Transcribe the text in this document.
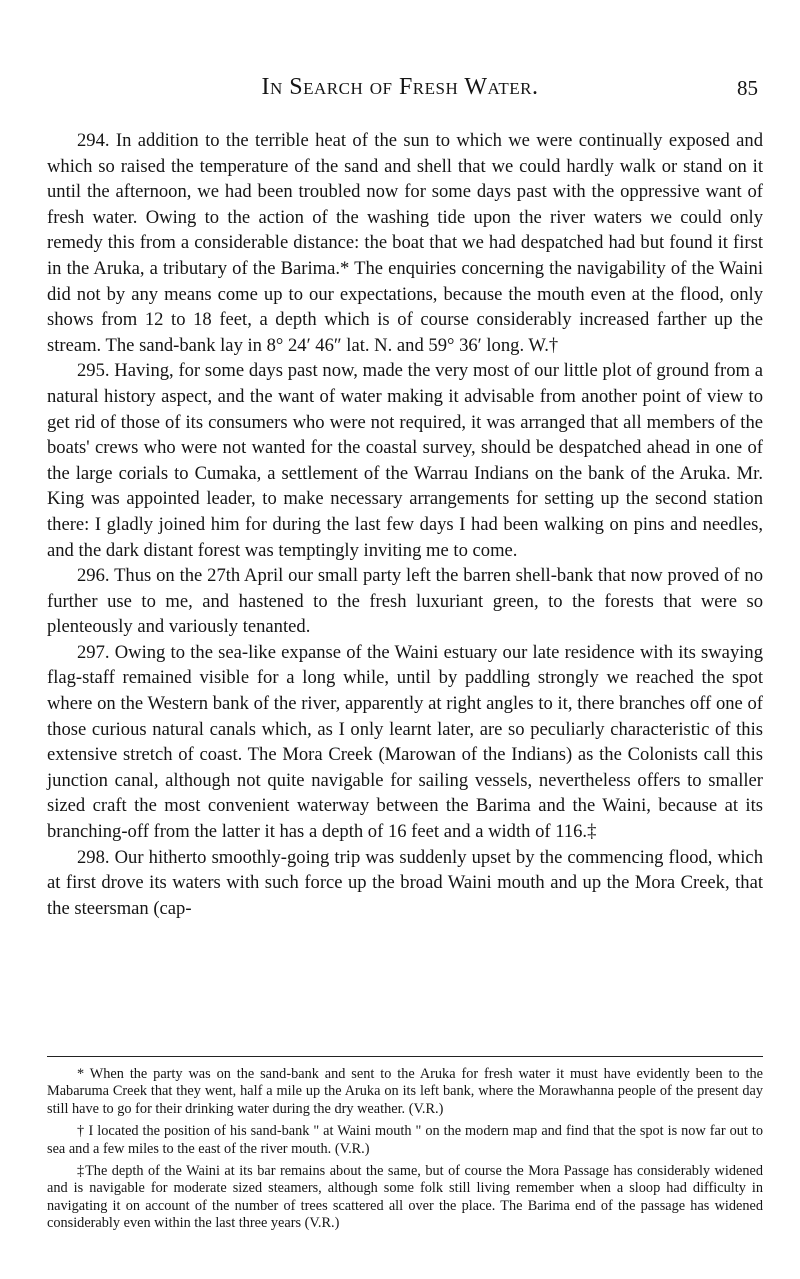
In Search of Fresh Water.	85

294. In addition to the terrible heat of the sun to which we were continually exposed and which so raised the temperature of the sand and shell that we could hardly walk or stand on it until the afternoon, we had been troubled now for some days past with the oppressive want of fresh water. Owing to the action of the washing tide upon the river waters we could only remedy this from a considerable distance: the boat that we had despatched had but found it first in the Aruka, a tributary of the Barima.* The enquiries concerning the navigability of the Waini did not by any means come up to our expectations, because the mouth even at the flood, only shows from 12 to 18 feet, a depth which is of course considerably increased farther up the stream. The sand-bank lay in 8° 24′ 46″ lat. N. and 59° 36′ long. W.†

295. Having, for some days past now, made the very most of our little plot of ground from a natural history aspect, and the want of water making it advisable from another point of view to get rid of those of its consumers who were not required, it was arranged that all members of the boats' crews who were not wanted for the coastal survey, should be despatched ahead in one of the large corials to Cumaka, a settlement of the Warrau Indians on the bank of the Aruka. Mr. King was appointed leader, to make necessary arrangements for setting up the second station there: I gladly joined him for during the last few days I had been walking on pins and needles, and the dark distant forest was temptingly inviting me to come.

296. Thus on the 27th April our small party left the barren shell-bank that now proved of no further use to me, and hastened to the fresh luxuriant green, to the forests that were so plenteously and variously tenanted.

297. Owing to the sea-like expanse of the Waini estuary our late residence with its swaying flag-staff remained visible for a long while, until by paddling strongly we reached the spot where on the Western bank of the river, apparently at right angles to it, there branches off one of those curious natural canals which, as I only learnt later, are so peculiarly characteristic of this extensive stretch of coast. The Mora Creek (Marowan of the Indians) as the Colonists call this junction canal, although not quite navigable for sailing vessels, nevertheless offers to smaller sized craft the most convenient waterway between the Barima and the Waini, because at its branching-off from the latter it has a depth of 16 feet and a width of 116.‡

298. Our hitherto smoothly-going trip was suddenly upset by the commencing flood, which at first drove its waters with such force up the broad Waini mouth and up the Mora Creek, that the steersman (cap-

* When the party was on the sand-bank and sent to the Aruka for fresh water it must have evidently been to the Mabaruma Creek that they went, half a mile up the Aruka on its left bank, where the Morawhanna people of the present day still have to go for their drinking water during the dry weather. (V.R.)

† I located the position of his sand-bank " at Waini mouth " on the modern map and find that the spot is now far out to sea and a few miles to the east of the river mouth. (V.R.)

‡The depth of the Waini at its bar remains about the same, but of course the Mora Passage has considerably widened and is navigable for moderate sized steamers, although some folk still living remember when a sloop had difficulty in navigating it on account of the number of trees scattered all over the place. The Barima end of the passage has widened considerably even within the last three years (V.R.)
